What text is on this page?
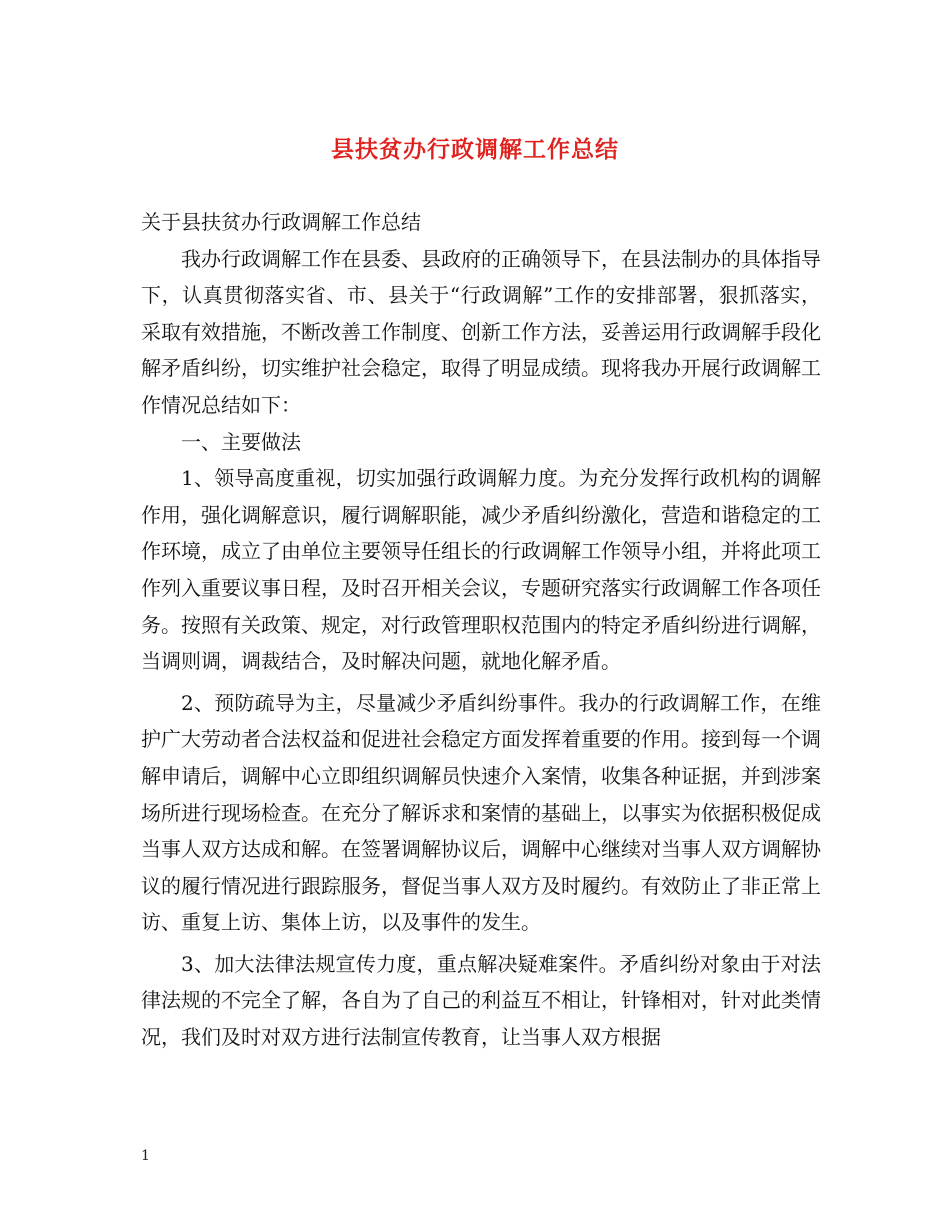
县扶贫办行政调解工作总结

关于县扶贫办行政调解工作总结

我办行政调解工作在县委、县政府的正确领导下，在县法制办的具体指导下，认真贯彻落实省、市、县关于“行政调解”工作的安排部署，狠抓落实，采取有效措施，不断改善工作制度、创新工作方法，妥善运用行政调解手段化解矛盾纠纷，切实维护社会稳定，取得了明显成绩。现将我办开展行政调解工作情况总结如下：

一、主要做法

1、领导高度重视，切实加强行政调解力度。为充分发挥行政机构的调解作用，强化调解意识，履行调解职能，减少矛盾纠纷激化，营造和谐稳定的工作环境，成立了由单位主要领导任组长的行政调解工作领导小组，并将此项工作列入重要议事日程，及时召开相关会议，专题研究落实行政调解工作各项任务。按照有关政策、规定，对行政管理职权范围内的特定矛盾纠纷进行调解，当调则调，调裁结合，及时解决问题，就地化解矛盾。

2、预防疏导为主，尽量减少矛盾纠纷事件。我办的行政调解工作，在维护广大劳动者合法权益和促进社会稳定方面发挥着重要的作用。接到每一个调解申请后，调解中心立即组织调解员快速介入案情，收集各种证据，并到涉案场所进行现场检查。在充分了解诉求和案情的基础上，以事实为依据积极促成当事人双方达成和解。在签署调解协议后，调解中心继续对当事人双方调解协议的履行情况进行跟踪服务，督促当事人双方及时履约。有效防止了非正常上访、重复上访、集体上访，以及事件的发生。

3、加大法律法规宣传力度，重点解决疑难案件。矛盾纠纷对象由于对法律法规的不完全了解，各自为了自己的利益互不相让，针锋相对，针对此类情况，我们及时对双方进行法制宣传教育，让当事人双方根据

1
